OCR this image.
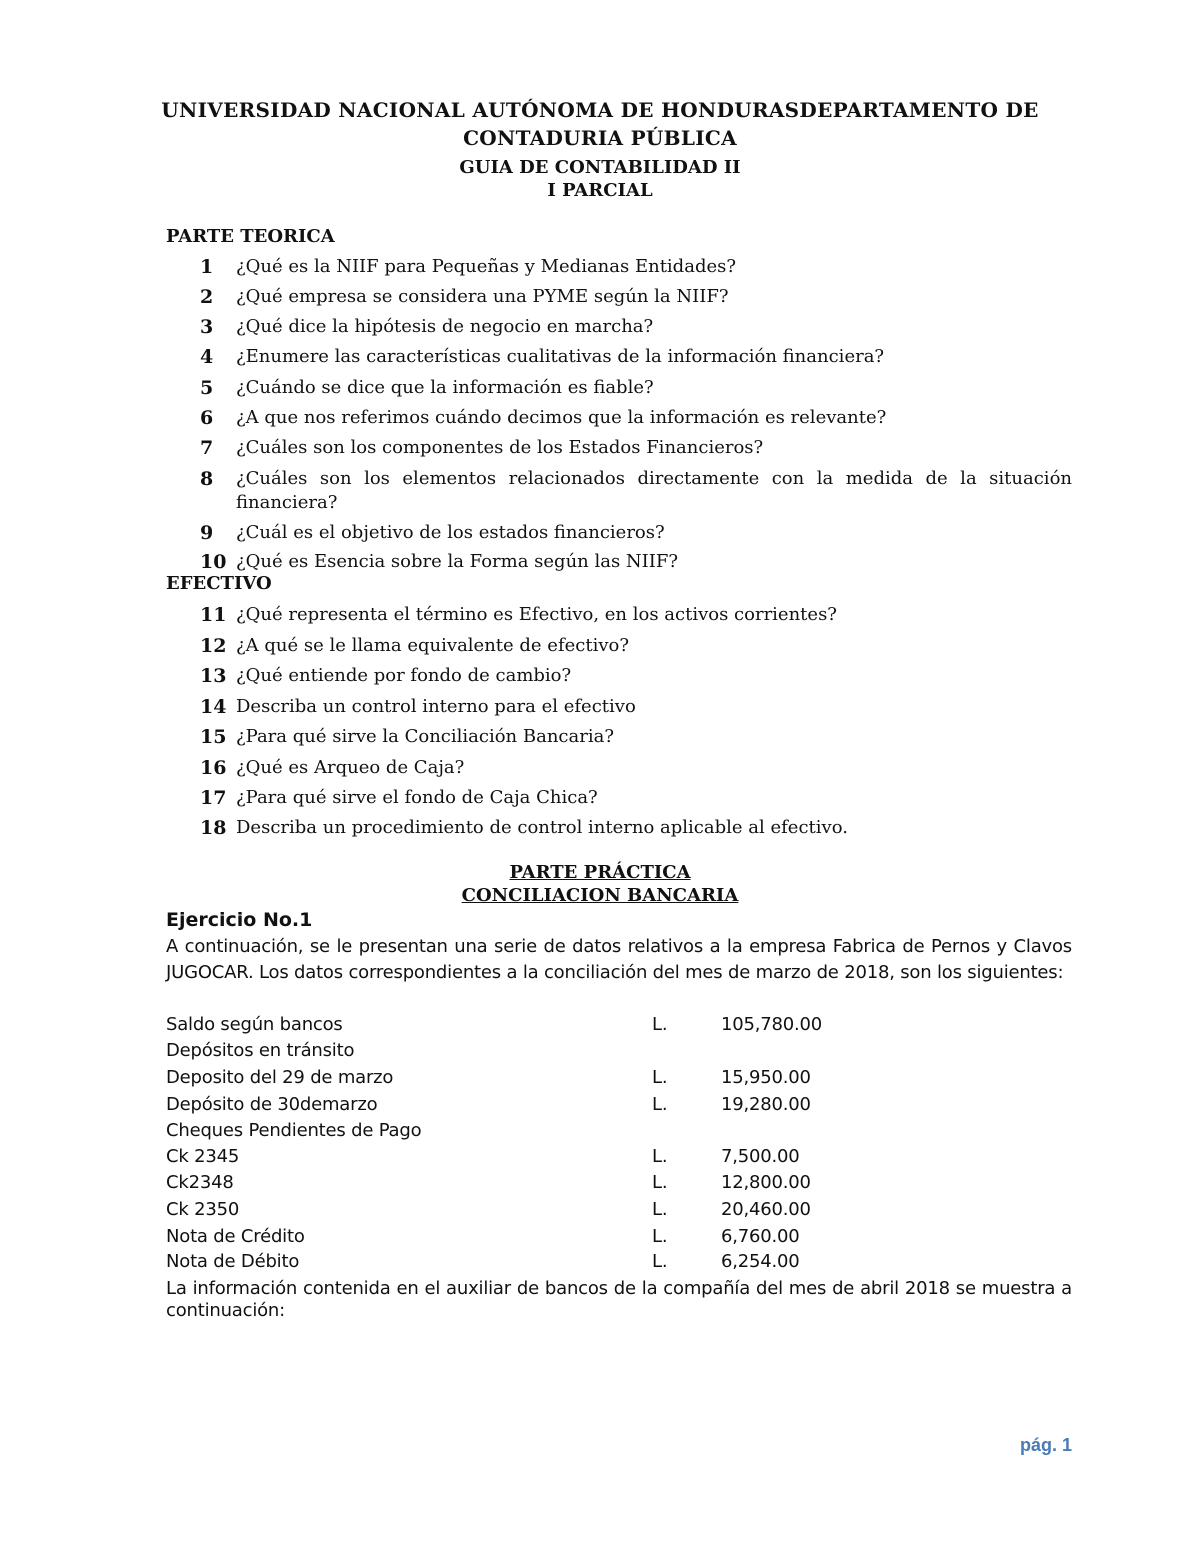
UNIVERSIDAD NACIONAL AUTÓNOMA DE HONDURASDEPARTAMENTO DE
CONTADURIA PÚBLICA
GUIA DE CONTABILIDAD II
I PARCIAL
PARTE TEORICA
1 ¿Qué es la NIIF para Pequeñas y Medianas Entidades?
2 ¿Qué empresa se considera una PYME según la NIIF?
3 ¿Qué dice la hipótesis de negocio en marcha?
4 ¿Enumere las características cualitativas de la información financiera?
5 ¿Cuándo se dice que la información es fiable?
6 ¿A que nos referimos cuándo decimos que la información es relevante?
7 ¿Cuáles son los componentes de los Estados Financieros?
8 ¿Cuáles son los elementos relacionados directamente con la medida de la situación financiera?
9 ¿Cuál es el objetivo de los estados financieros?
10 ¿Qué es Esencia sobre la Forma según las NIIF?
EFECTIVO
11 ¿Qué representa el término es Efectivo, en los activos corrientes?
12 ¿A qué se le llama equivalente de efectivo?
13 ¿Qué entiende por fondo de cambio?
14 Describa un control interno para el efectivo
15 ¿Para qué sirve la Conciliación Bancaria?
16 ¿Qué es Arqueo de Caja?
17 ¿Para qué sirve el fondo de Caja Chica?
18 Describa un procedimiento de control interno aplicable al efectivo.
PARTE PRÁCTICA
CONCILIACION BANCARIA
Ejercicio No.1
A continuación, se le presentan una serie de datos relativos a la empresa Fabrica de Pernos y Clavos JUGOCAR. Los datos correspondientes a la conciliación del mes de marzo de 2018, son los siguientes:
Saldo según bancos	L.	105,780.00
Depósitos en tránsito
Deposito del 29 de marzo	L.	15,950.00
Depósito de 30demarzo	L.	19,280.00
Cheques Pendientes de Pago
Ck 2345	L.	7,500.00
Ck2348	L.	12,800.00
Ck 2350	L.	20,460.00
Nota de Crédito	L.	6,760.00
Nota de Débito	L.	6,254.00
La información contenida en el auxiliar de bancos de la compañía del mes de abril 2018 se muestra a continuación:
pág. 1
